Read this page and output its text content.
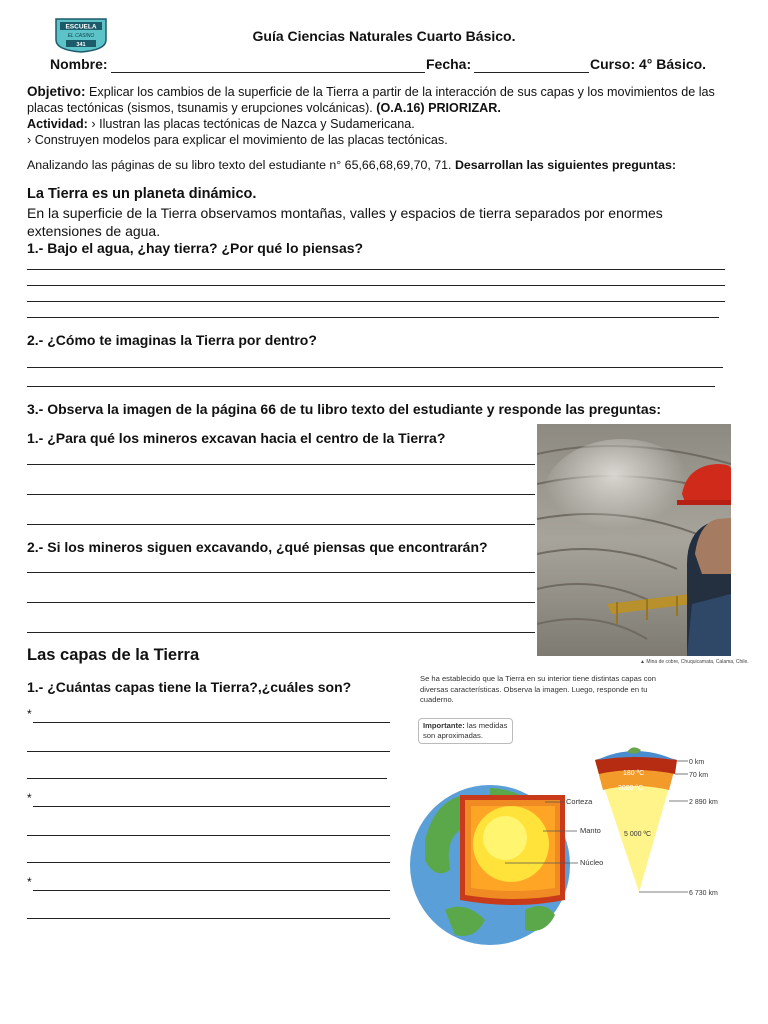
ESCUELA
EL CASINO
341
Guía Ciencias Naturales Cuarto Básico.
Nombre:	Fecha:	Curso: 4° Básico.
Objetivo: Explicar los cambios de la superficie de la Tierra a partir de la interacción de sus capas y los movimientos de las placas tectónicas (sismos, tsunamis y erupciones volcánicas). (O.A.16) PRIORIZAR.
Actividad: › Ilustran las placas tectónicas de Nazca y Sudamericana.
› Construyen modelos para explicar el movimiento de las placas tectónicas.
Analizando las páginas de su libro texto del estudiante n° 65,66,68,69,70, 71. Desarrollan las siguientes preguntas:
La Tierra es un planeta dinámico.
En la superficie de la Tierra observamos montañas, valles y espacios de tierra separados por enormes extensiones de agua.
1.- Bajo el agua, ¿hay tierra? ¿Por qué lo piensas?
2.- ¿Cómo te imaginas la Tierra por dentro?
3.- Observa la imagen de la página 66 de tu libro texto del estudiante y responde las preguntas:
1.- ¿Para qué los mineros excavan hacia el centro de la Tierra?
2.- Si los mineros siguen excavando, ¿qué piensas que encontrarán?
▲ Mina de cobre, Chuquicamata, Calama, Chile.
Las capas de la Tierra
1.- ¿Cuántas capas tiene la Tierra?,¿cuáles son?
*
*
*
Se ha establecido que la Tierra en su interior tiene distintas capas con diversas características. Observa la imagen. Luego, responde en tu cuaderno.
Importante: las medidas son aproximadas.
Corteza
Manto
Núcleo
180 ºC
2000 ºC
5 000 ºC
0 km
70 km
2 890 km
6 730 km
